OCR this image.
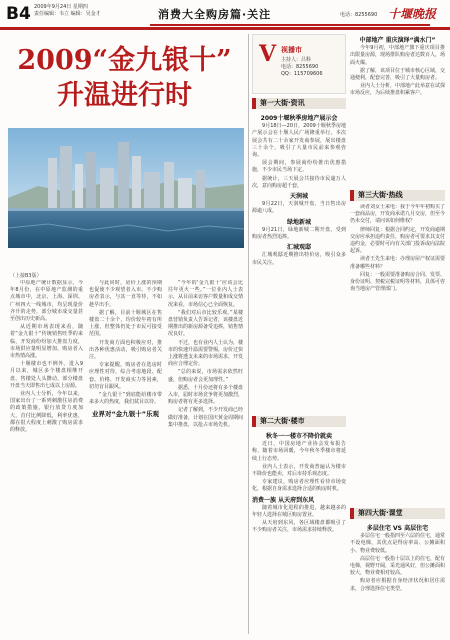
B4 2009年9月24日 星期四
责任编辑：韦立 编辑：吴金才	消费大全购房篇·关注	电话：8255690 十堰晚报
2009“金九银十”
升温进行时
（上接B3版）

中原地产统计数据显示，今年8月份，在中原地产监测的重点城市中，北京、上海、深圳、广州四大一线城市，均呈现量价齐升的走势，部分城市成交量甚至创出历史新高。

从近期市场表现来看，随着“金九银十”传统销售旺季的来临，开发商纷纷加大推盘力度，市场供应量明显增加，购房者入市热情高涨。

十堰楼市也不例外。进入9月以来，城区多个楼盘相继开盘，售楼处人头攒动，部分楼盘开盘当天即售出七成以上房源。

业内人士分析，今年以来，国家出台了一系列刺激住房消费的政策措施，银行放贷力度加大，首付比例降低，利率优惠，都在很大程度上刺激了购房需求的释放。

与此同时，房价上涨的预期也促使不少观望者入市。不少购房者表示，与其一直等待，不如趁早出手。

据了解，目前十堰城区在售楼盘二十余个，均价较年初有所上涨，但整体仍处于市民可接受范围。

开发商方面也积极应对，推出各种优惠活动，吸引购房者关注。

专家提醒，购房者在选房时应理性对待，综合考虑地段、配套、价格、开发商实力等因素，切勿盲目跟风。

“金九银十”到底能给楼市带来多大的热度，我们拭目以待。

业界对“金九银十”乐观

“今年的‘金九银十’应该会比往年更火一些。”一位业内人士表示，从目前来访客户数量和成交情况来看，市场信心已全面恢复。

“我们对后市比较乐观。”某楼盘营销负责人告诉记者，该楼盘近期推出的新房源备受追捧，销售情况良好。

不过，也有业内人士认为，楼市的快速升温需要警惕，房价过快上涨将透支未来的市场需求，开发商应合理定价。

“总的来说，市场需求依然旺盛，但购房者会更加理性。”

据悉，十月份还将有多个楼盘入市，届时市场竞争将更加激烈，购房者将有更多选择。

记者了解到，不少开发商已经做好准备，计划在国庆黄金周期间集中推盘，以抢占市场先机。

V 视播市
主持人：吕科
电话：8255690
QQ：115709606

中部地产 重庆演绎“满水门”

今年9月初，中部地产旗下重庆项目推出限量房源，现场排队购房者达数百人，场面火爆。

据了解，该项目位于城市核心区域，交通便利，配套完善，吸引了大量购房者。

业内人士分析，中部地产此举意在试探市场反应，为后续推盘积累客户。

第一大街·资讯

2009十堰秋季房地产展示会

9月18日—20日，2009十堰秋季房地产展示会在十堰人民广场隆重举行。本次展会共有二十余家开发商参展，展出楼盘三十余个，吸引了大量市民前来参观咨询。

展会期间，参展商纷纷推出优惠措施，不少市民当场下定。

据统计，三天展会共接待市民逾万人次，意向购房超千套。

天润城

9月22日，天润城开盘，当日售出房源逾八成。

绿地新城

9月21日，绿地新城二期开盘，受到购房者热烈追捧。

汇城观邸

汇城观邸近期推出特价房，吸引众多市民关注。

第三大街·热线

读者刘女士来电：我于今年年初购买了一套商品房，开发商承诺九月交房，但至今仍未交付，请问该如何维权？

律师回复：根据合同约定，开发商逾期交房应承担违约责任，购房者可要求其支付违约金，必要时可向有关部门投诉或向法院起诉。

读者王先生来电：办理房屋产权证需要准备哪些材料？

回复：一般需要准备购房合同、发票、身份证明、契税完税证明等材料，具体可咨询当地房产管理部门。

第二大街·楼市

秋冬一一楼市不降价就卖

近日，中国房地产业协会发布报告称，随着市场回暖，今年秋冬季楼市将延续上行态势。

业内人士表示，开发商普遍认为楼市不降价也能卖，对后市持乐观态度。

专家建议，购房者应理性看待市场变化，根据自身需求选择合适的购房时机。

消费一族 从天府到东风

随着城市化进程的推进，越来越多的年轻人选择在城区购房置业。

从天府到东风，各区域楼盘都吸引了不少购房者关注，市场需求持续释放。

第四大街·课堂

多层住宅 VS 高层住宅

多层住宅一般指四至六层的住宅，通常不设电梯，其优点是得房率高、公摊面积小、物业费较低。

高层住宅一般指十层以上的住宅，配有电梯，视野开阔，采光通风好，但公摊面积较大，物业费相对较高。

购房者应根据自身经济状况和居住需求，合理选择住宅类型。
